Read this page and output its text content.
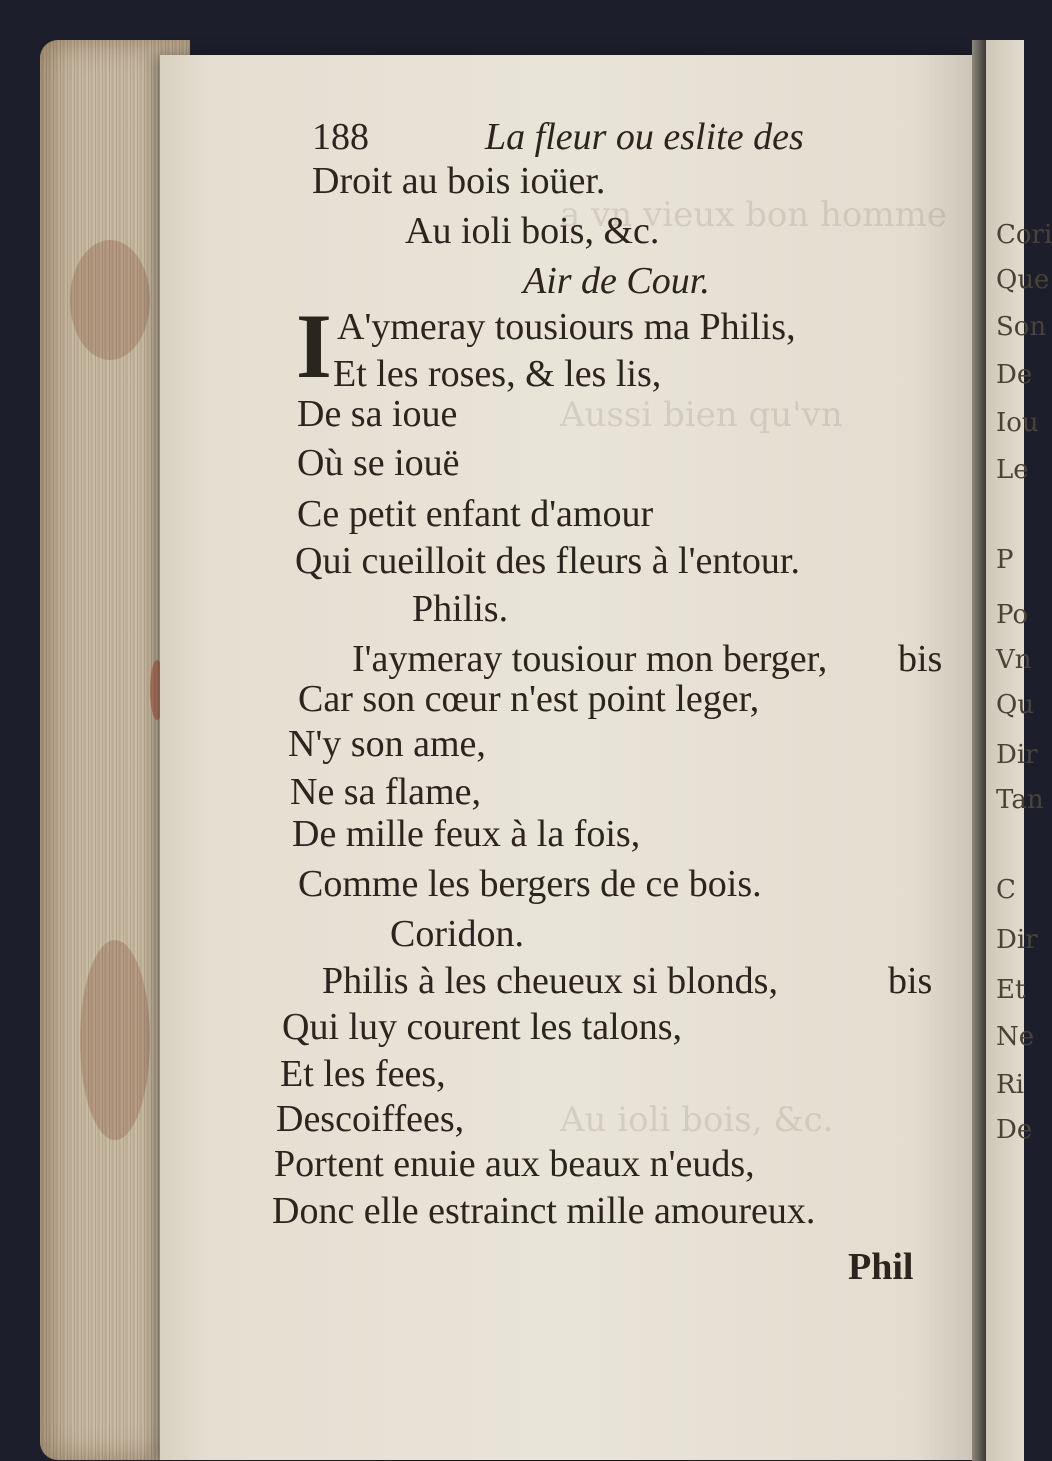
a vn vieux bon homme
Aussi bien qu'vn
Au ioli bois, &c.
Cori
Que
Son
De
Iou
Le
P
Po
Vn
Qu
Dir
Tan
C
Dir
Et
Ne
Ri
De
188	La fleur ou eslite des
Droit au bois ioüer.
Au ioli bois, &c.
Air de Cour.
I A'ymeray tousiours ma Philis,
Et les roses, & les lis,
De sa ioue
Où se iouë
Ce petit enfant d'amour
Qui cueilloit des fleurs à l'entour.
Philis.
I'aymeray tousiour mon berger, bis
Car son cœur n'est point leger,
N'y son ame,
Ne sa flame,
De mille feux à la fois,
Comme les bergers de ce bois.
Coridon.
Philis à les cheueux si blonds,	bis
Qui luy courent les talons,
Et les fees,
Descoiffees,
Portent enuie aux beaux n'euds,
Donc elle estrainct mille amoureux.
Phil
